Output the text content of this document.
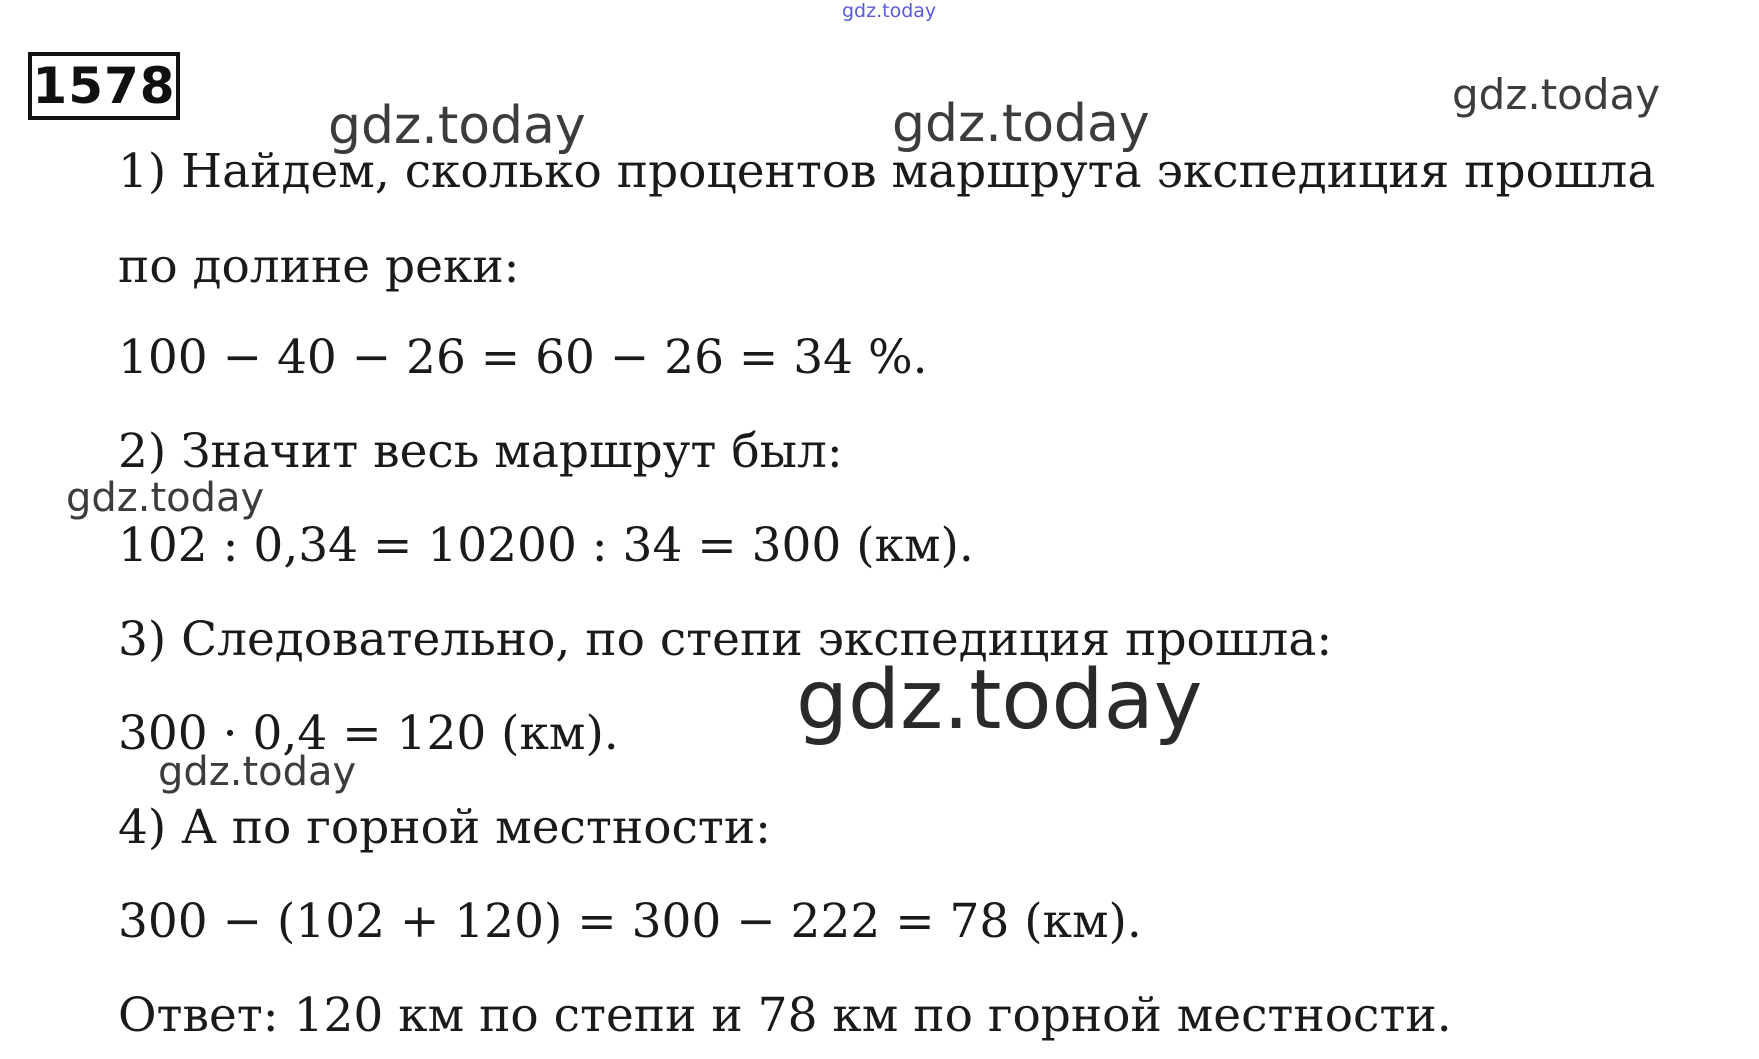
gdz.today
1578
gdz.today	gdz.today	gdz.today
1) Найдем, сколько процентов маршрута экспедиция прошла
по долине реки:
100 − 40 − 26 = 60 − 26 = 34 %.
2) Значит весь маршрут был:
102 : 0,34 = 10200 : 34 = 300 (км).
3) Следовательно, по степи экспедиция прошла:
300 · 0,4 = 120 (км).
4) А по горной местности:
300 − (102 + 120) = 300 − 222 = 78 (км).
Ответ: 120 км по степи и 78 км по горной местности.
gdz.today
gdz.today
gdz.today
